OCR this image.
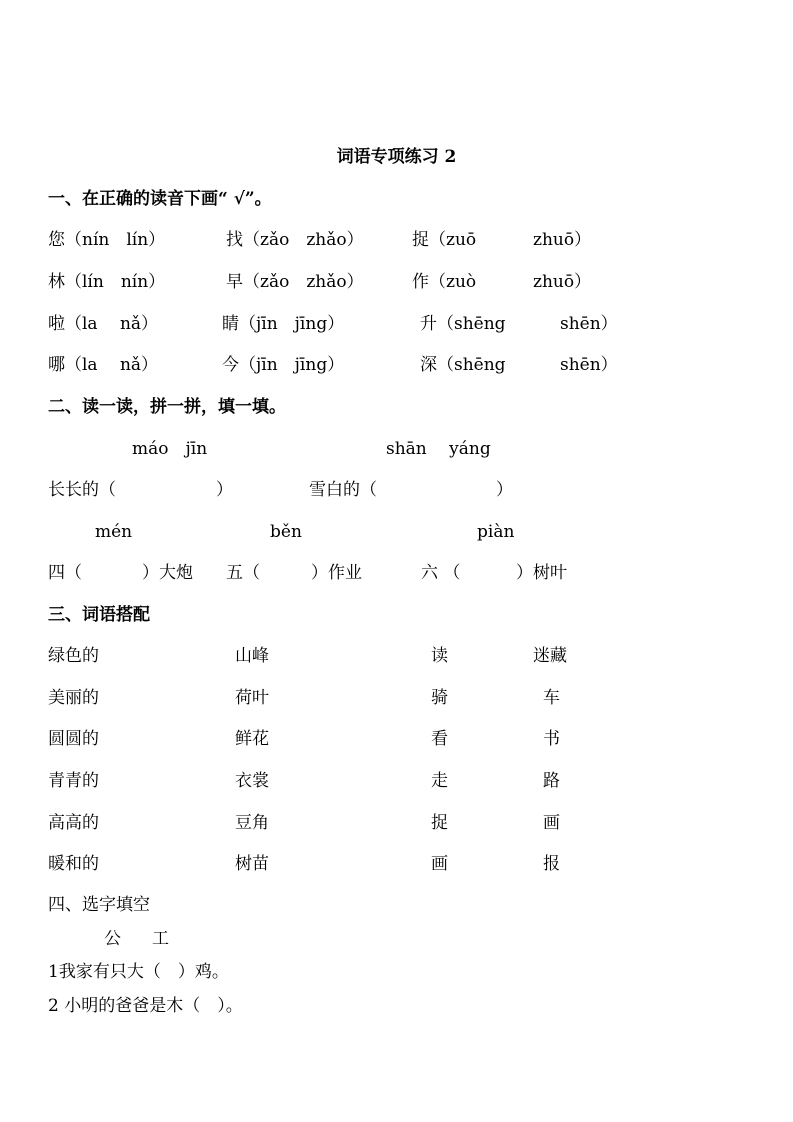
词语专项练习 2
一、在正确的读音下画“ √”。
您（nín　lín）	找（zǎo　zhǎo）	捉（zuō	zhuō）
林（lín　nín）	早（zǎo　zhǎo）	作（zuò	zhuō）
啦（la　 nǎ）	睛（jīn　jīng）	升（shēng	shēn）
哪（la　 nǎ）	今（jīn　jīng）	深（shēng	shēn）
二、读一读，拼一拼，填一填。
máo　jīn	shān　 yáng
长长的（	）	雪白的（	）
mén	běn	piàn
四（	）大炮 五（	）作业	六 （	）树叶
三、词语搭配
绿色的	山峰	读	迷藏
美丽的	荷叶	骑	车
圆圆的	鲜花	看	书
青青的	衣裳	走	路
高高的	豆角	捉	画
暖和的	树苗	画	报
四、选字填空
公 工
1我家有只大（　）鸡。
2 小明的爸爸是木（　）。
